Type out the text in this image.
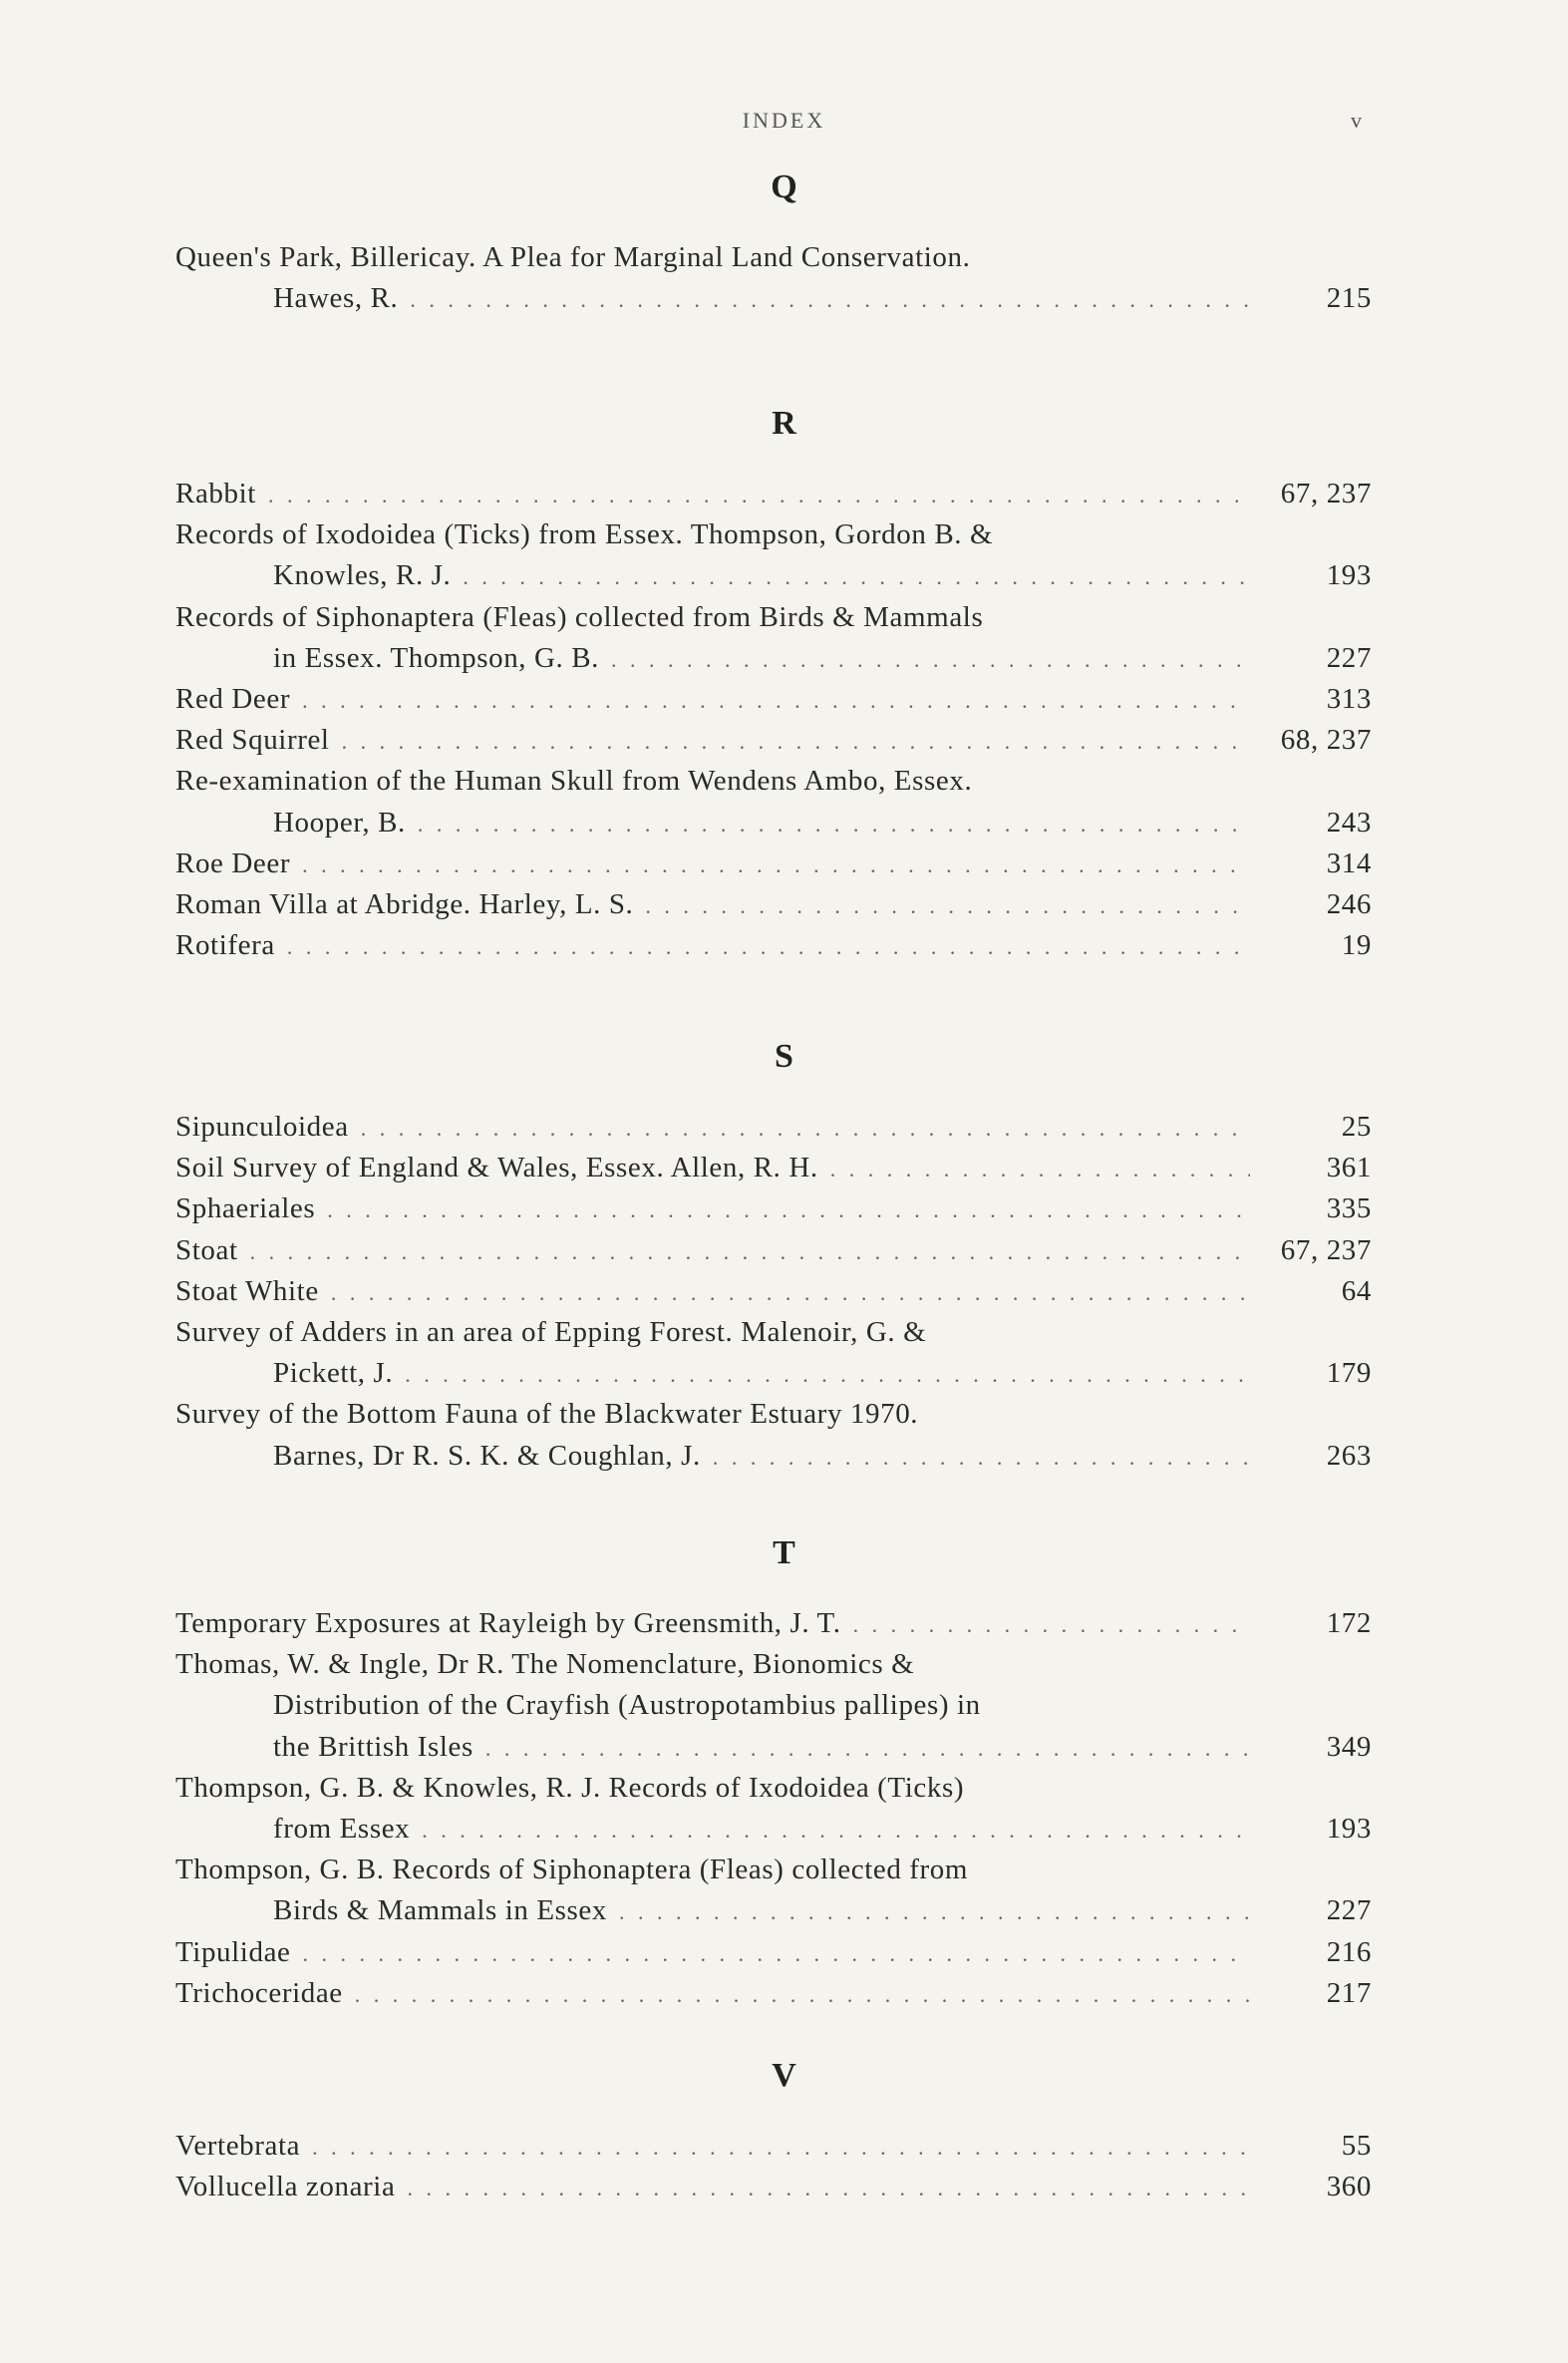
INDEX	v
Q
Queen's Park, Billericay. A Plea for Marginal Land Conservation.
Hawes, R. . . .	215
R
Rabbit . . .	67, 237
Records of Ixodoidea (Ticks) from Essex. Thompson, Gordon B. &
Knowles, R. J. . . .	193
Records of Siphonaptera (Fleas) collected from Birds & Mammals
in Essex. Thompson, G. B. . . .	227
Red Deer . . .	313
Red Squirrel . . .	68, 237
Re-examination of the Human Skull from Wendens Ambo, Essex.
Hooper, B. . . .	243
Roe Deer . . .	314
Roman Villa at Abridge. Harley, L. S. . . .	246
Rotifera . . .	19
S
Sipunculoidea . . .	25
Soil Survey of England & Wales, Essex. Allen, R. H. . . .	361
Sphaeriales . . .	335
Stoat . . .	67, 237
Stoat White . . .	64
Survey of Adders in an area of Epping Forest. Malenoir, G. &
Pickett, J. . . .	179
Survey of the Bottom Fauna of the Blackwater Estuary 1970.
Barnes, Dr R. S. K. & Coughlan, J. . . .	263
T
Temporary Exposures at Rayleigh by Greensmith, J. T. . . .	172
Thomas, W. & Ingle, Dr R. The Nomenclature, Bionomics &
Distribution of the Crayfish (Austropotambius pallipes) in
the Brittish Isles . . .	349
Thompson, G. B. & Knowles, R. J. Records of Ixodoidea (Ticks)
from Essex . . .	193
Thompson, G. B. Records of Siphonaptera (Fleas) collected from
Birds & Mammals in Essex . . .	227
Tipulidae . . .	216
Trichoceridae . . .	217
V
Vertebrata . . .	55
Vollucella zonaria . . .	360
